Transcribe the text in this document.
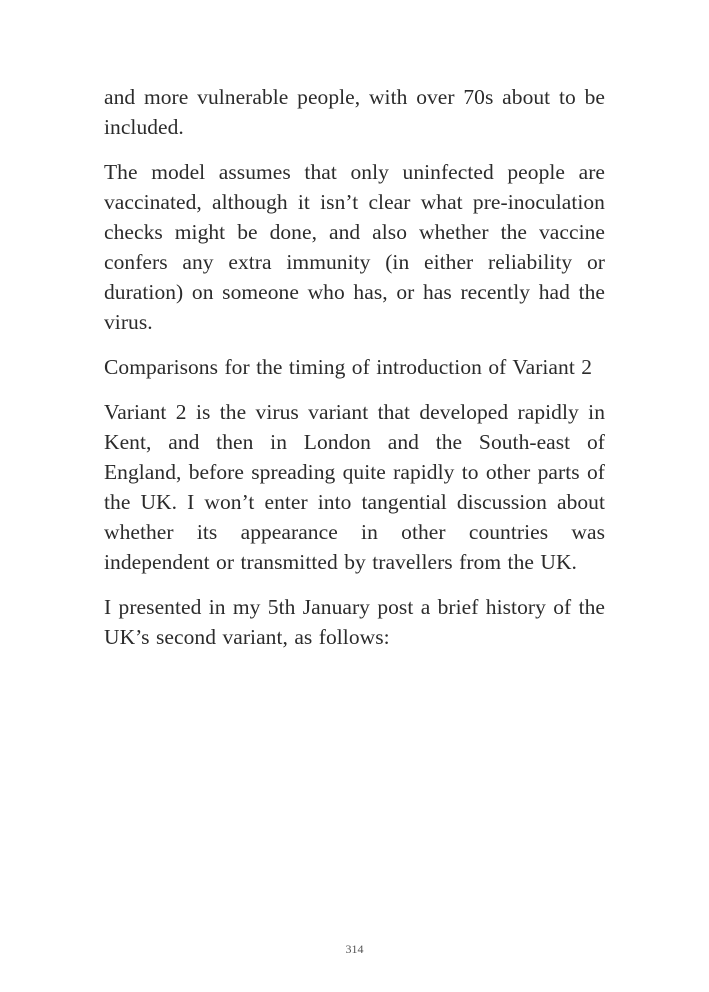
and more vulnerable people, with over 70s about to be included.

The model assumes that only uninfected people are vaccinated, although it isn’t clear what pre-inoculation checks might be done, and also whether the vaccine confers any extra immunity (in either reliability or duration) on someone who has, or has recently had the virus.

Comparisons for the timing of introduction of Variant 2

Variant 2 is the virus variant that developed rapidly in Kent, and then in London and the South-east of England, before spreading quite rapidly to other parts of the UK. I won’t enter into tangential discussion about whether its appearance in other countries was independent or transmitted by travellers from the UK.

I presented in my 5th January post a brief history of the UK’s second variant, as follows:

314
